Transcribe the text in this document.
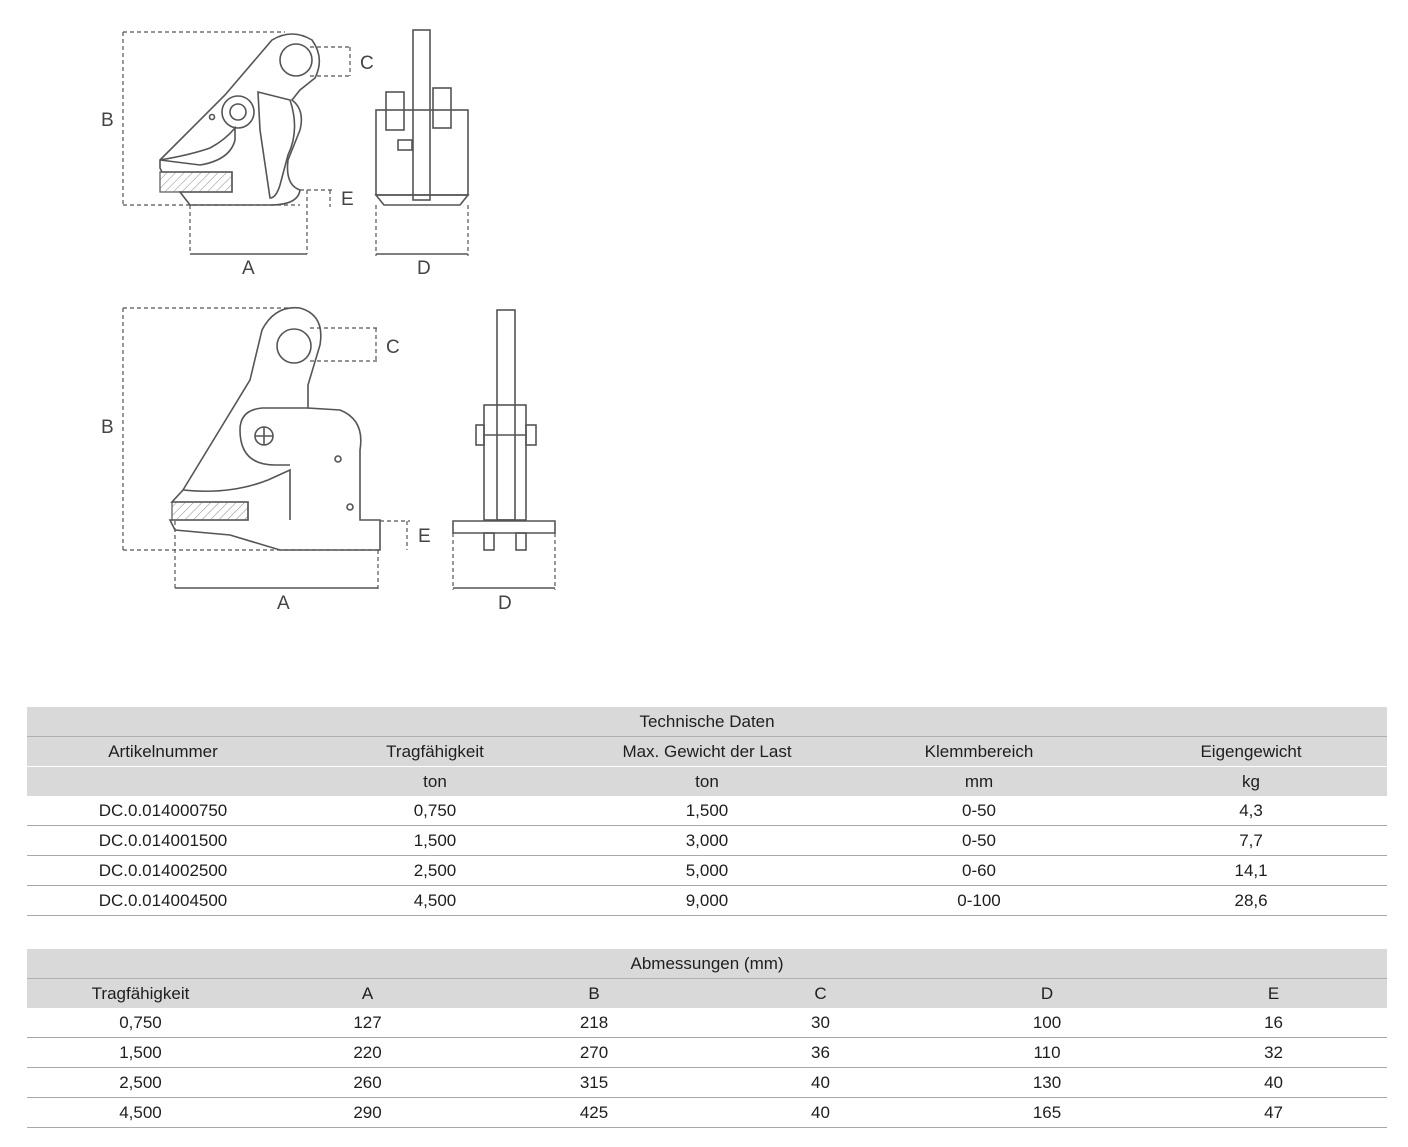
B
C
E
A	D
B
C
E
A	D
Technische Daten				
Artikelnummer	Tragfähigkeit	Max. Gewicht der Last	Klemmbereich	Eigengewicht
	ton	ton	mm	kg
DC.0.014000750	0,750	1,500	0-50	4,3
DC.0.014001500	1,500	3,000	0-50	7,7
DC.0.014002500	2,500	5,000	0-60	14,1
DC.0.014004500	4,500	9,000	0-100	28,6
Abmessungen (mm)					
Tragfähigkeit	A	B	C	D	E
0,750	127	218	30	100	16
1,500	220	270	36	110	32
2,500	260	315	40	130	40
4,500	290	425	40	165	47
